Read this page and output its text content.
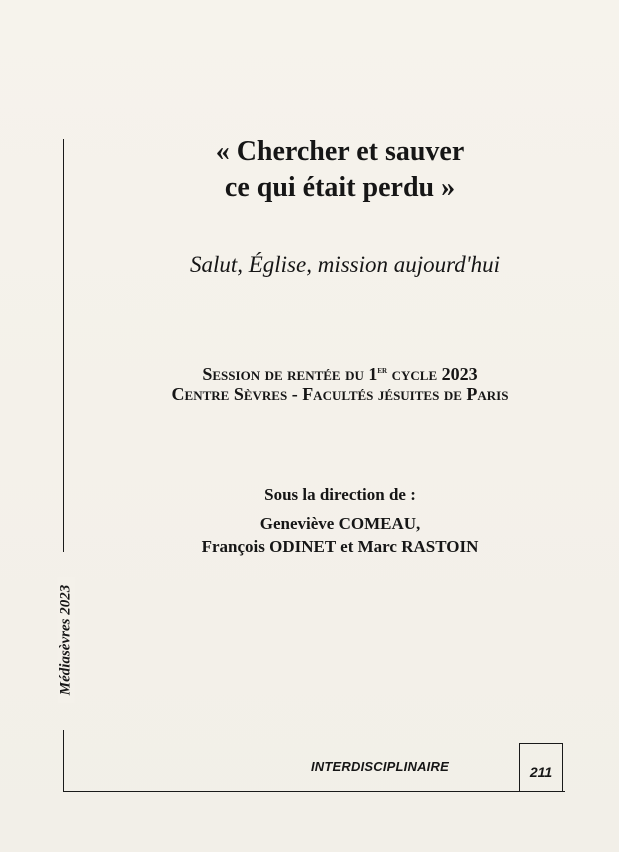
Médiasèvres 2023
« Chercher et sauver
ce qui était perdu »
Salut, Église, mission aujourd'hui
Session de rentée du 1er cycle 2023
Centre Sèvres - Facultés jésuites de Paris
Sous la direction de :
Geneviève COMEAU,
François ODINET et Marc RASTOIN
INTERDISCIPLINAIRE	211
